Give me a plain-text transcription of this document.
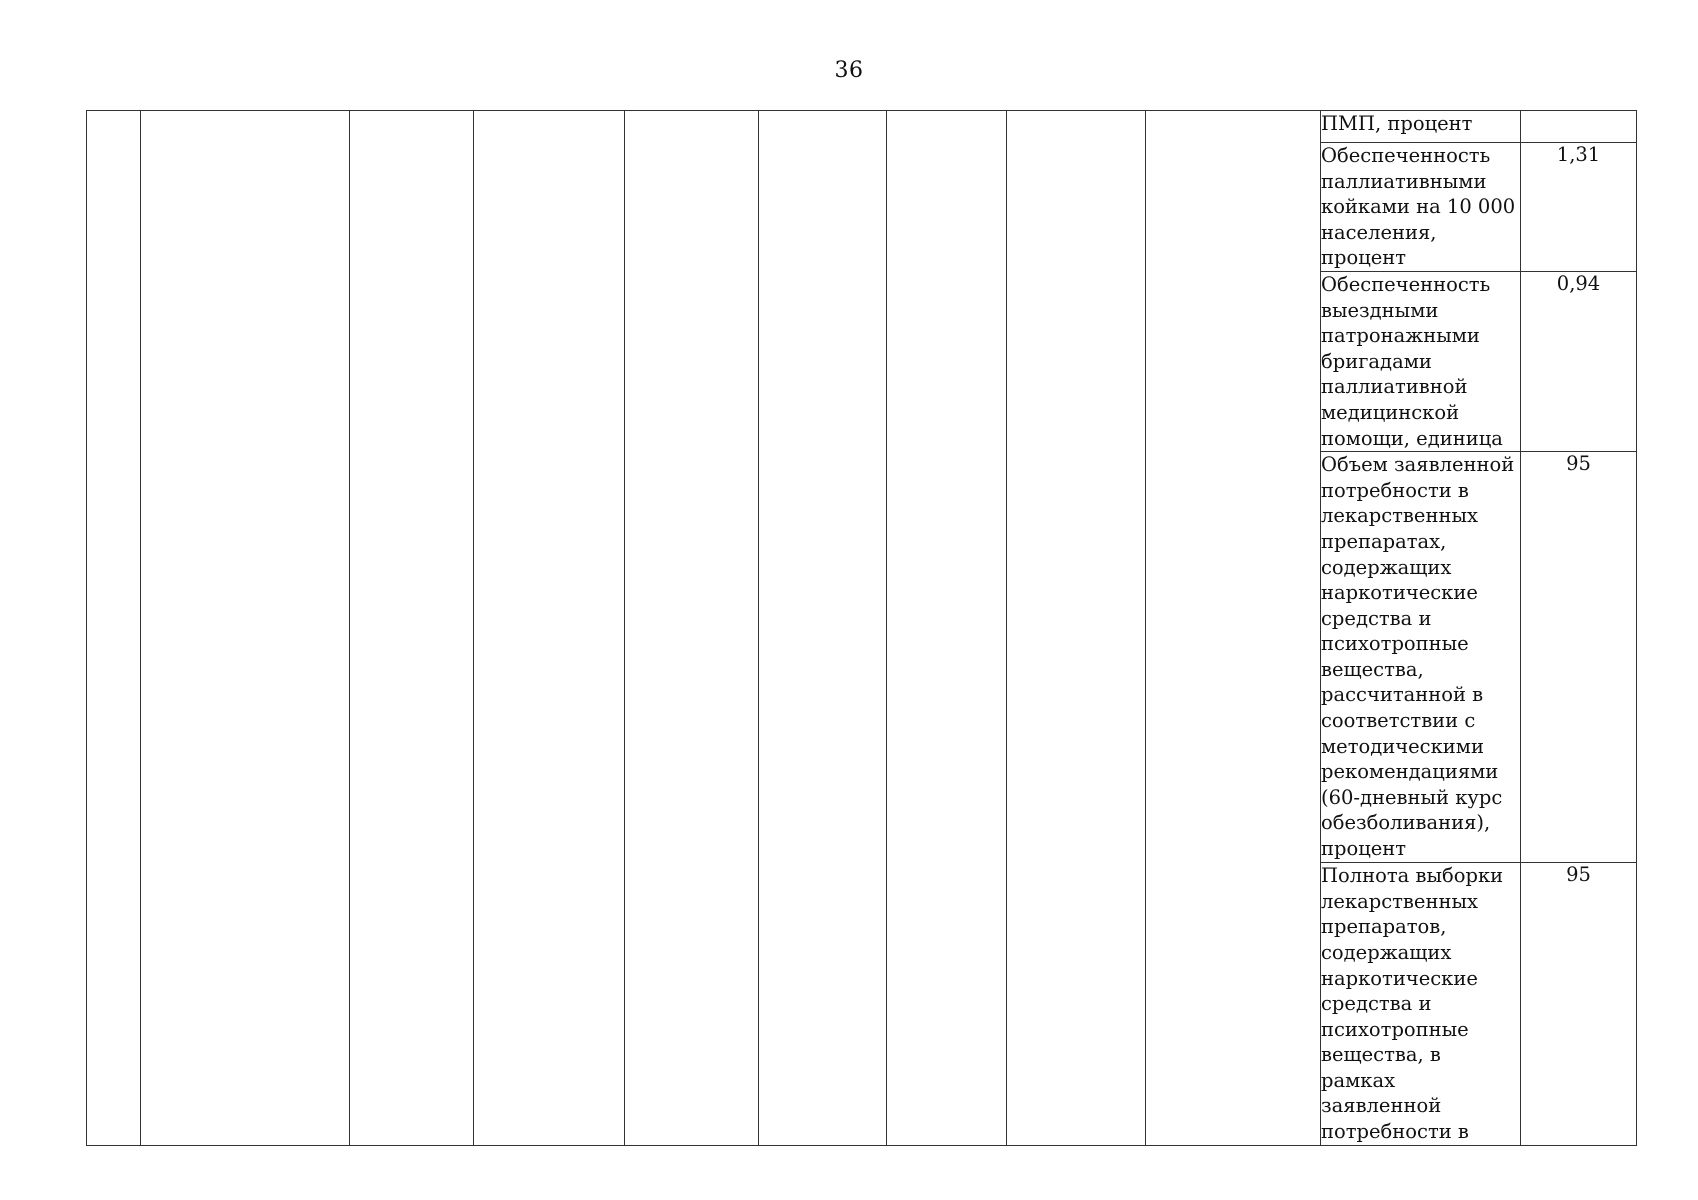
36
									ПМП, процент	
									Обеспеченность паллиативными койками на 10 000 населения, процент	1,31
									Обеспеченность выездными патронажными бригадами паллиативной медицинской помощи, единица	0,94
									Объем заявленной потребности в лекарственных препаратах, содержащих наркотические средства и психотропные вещества, рассчитанной в соответствии с методическими рекомендациями (60-дневный курс обезболивания), процент	95
									Полнота выборки лекарственных препаратов, содержащих наркотические средства и психотропные вещества, в рамках заявленной потребности в	95
